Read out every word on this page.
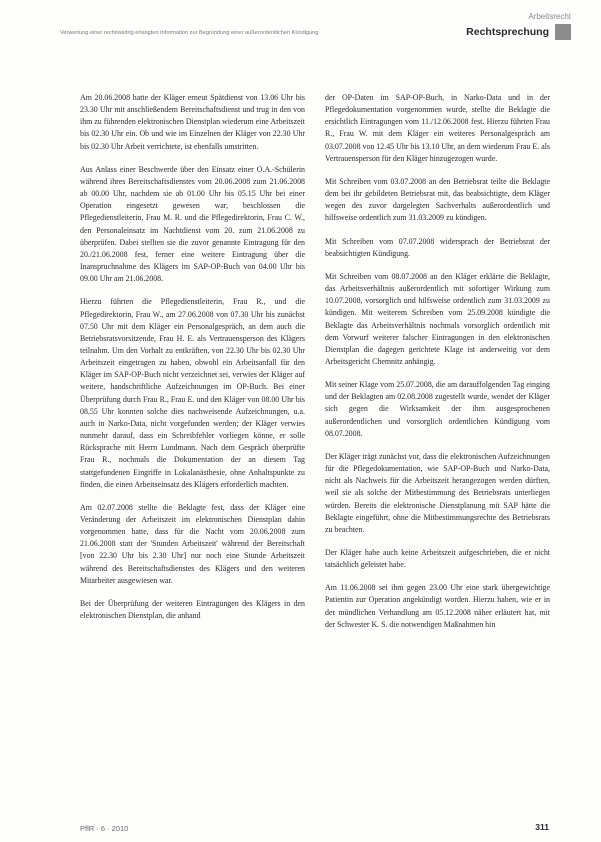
Arbeitsrecht
Verwertung einer rechtswidrig erlangten Information zur Begründung einer außerordentlichen Kündigung	Rechtsprechung

Am 20.06.2008 hatte der Kläger erneut Spätdienst von 13.06 Uhr bis 23.30 Uhr mit anschließendem Bereitschaftsdienst und trug in den von ihm zu führenden elektronischen Dienstplan wiederum eine Arbeitszeit bis 02.30 Uhr ein. Ob und wie im Einzelnen der Kläger von 22.30 Uhr bis 02.30 Uhr Arbeit verrichtete, ist ebenfalls umstritten.

Aus Anlass einer Beschwerde über den Einsatz einer O.A.-Schülerin während ihres Bereitschaftsdienstes vom 20.06.2008 zum 21.06.2008 ab 00.00 Uhr, nachdem sie ab 01.00 Uhr bis 05.15 Uhr bei einer Operation eingesetzt gewesen war, beschlossen die Pflegedienstleiterin, Frau M. R. und die Pflegedirektorin, Frau C. W., den Personaleinsatz im Nachtdienst vom 20. zum 21.06.2008 zu überprüfen. Dabei stellten sie die zuvor genannte Eintragung für den 20./21.06.2008 fest, ferner eine weitere Eintragung über die Inanspruchnahme des Klägers im SAP-OP-Buch von 04.00 Uhr bis 09.00 Uhr am 21.06.2008.

Hierzu führten die Pflegedienstleiterin, Frau R., und die Pflegedirektorin, Frau W., am 27.06.2008 von 07.30 Uhr bis zunächst 07.50 Uhr mit dem Kläger ein Personalgespräch, an dem auch die Betriebsratsvorsitzende, Frau H. E. als Vertrauensperson des Klägers teilnahm. Um den Vorhalt zu entkräften, von 22.30 Uhr bis 02.30 Uhr Arbeitszeit eingetragen zu haben, obwohl ein Arbeitsanfall für den Kläger im SAP-OP-Buch nicht verzeichnet sei, verwies der Kläger auf weitere, handschriftliche Aufzeichnungen im OP-Buch. Bei einer Überprüfung durch Frau R., Frau E. und den Kläger von 08.00 Uhr bis 08.55 Uhr konnten solche dies nachweisende Aufzeichnungen, u.a. auch in Narko-Data, nicht vorgefunden werden; der Kläger verwies nunmehr darauf, dass ein Schreibfehler vorliegen könne, er solle Rücksprache mit Herrn Lundmann. Nach dem Gespräch überprüfte Frau R., nochmals die Dokumentation der an diesem Tag stattgefundenen Eingriffe in Lokalanästhesie, ohne Anhaltspunkte zu finden, die einen Arbeitseinsatz des Klägers erforderlich machten.

Am 02.07.2008 stellte die Beklagte fest, dass der Kläger eine Veränderung der Arbeitszeit im elektronischen Dienstplan dahin vorgenommen hatte, dass für die Nacht vom 20.06.2008 zum 21.06.2008 statt der 'Stunden Arbeitszeit' während der Bereitschaft [von 22.30 Uhr bis 2.30 Uhr] nur noch eine Stunde Arbeitszeit während des Bereitschaftsdienstes des Klägers und den weiteren Mitarbeiter ausgewiesen war.

Bei der Überprüfung der weiteren Eintragungen des Klägers in den elektronischen Dienstplan, die anhand

der OP-Daten im SAP-OP-Buch, in Narko-Data und in der Pflegedokumentation vorgenommen wurde, stellte die Beklagte die ersichtlich Eintragungen vom 11./12.06.2008 fest. Hierzu führten Frau R., Frau W. mit dem Kläger ein weiteres Personalgespräch am 03.07.2008 von 12.45 Uhr bis 13.10 Uhr, an dem wiederum Frau E. als Vertrauensperson für den Kläger hinzugezogen wurde.

Mit Schreiben vom 03.07.2008 an den Betriebsrat teilte die Beklagte dem bei ihr gebildeten Betriebsrat mit, das beabsichtigte, dem Kläger wegen des zuvor dargelegten Sachverhalts außerordentlich und hilfsweise ordentlich zum 31.03.2009 zu kündigen.

Mit Schreiben vom 07.07.2008 widersprach der Betriebsrat der beabsichtigten Kündigung.

Mit Schreiben vom 08.07.2008 an den Kläger erklärte die Beklagte, das Arbeitsverhältnis außerordentlich mit sofortiger Wirkung zum 10.07.2008, vorsorglich und hilfsweise ordentlich zum 31.03.2009 zu kündigen. Mit weiterem Schreiben vom 25.09.2008 kündigte die Beklagte das Arbeitsverhältnis nochmals vorsorglich ordentlich mit dem Vorwurf weiterer falscher Eintragungen in den elektronischen Dienstplan die dagegen gerichtete Klage ist anderweitig vor dem Arbeitsgericht Chemnitz anhängig.

Mit seiner Klage vom 25.07.2008, die am darauffolgenden Tag einging und der Beklagten am 02.08.2008 zugestellt wurde, wendet der Kläger sich gegen die Wirksamkeit der ihm ausgesprochenen außerordentlichen und vorsorglich ordentlichen Kündigung vom 08.07.2008.

Der Kläger trägt zunächst vor, dass die elektronischen Aufzeichnungen für die Pflegedokumentation, wie SAP-OP-Buch und Narko-Data, nicht als Nachweis für die Arbeitszeit herangezogen werden dürften, weil sie als solche der Mitbestimmung des Betriebsrats unterliegen würden. Bereits die elektronische Dienstplanung mit SAP hätte die Beklagte eingeführt, ohne die Mitbestimmungsrechte des Betriebsrats zu beachten.

Der Kläger habe auch keine Arbeitszeit aufgeschrieben, die er nicht tatsächlich geleistet habe.

Am 11.06.2008 sei ihm gegen 23.00 Uhr eine stark übergewichtige Patientin zur Operation angekündigt worden. Hierzu haben, wie er in der mündlichen Verhandlung am 05.12.2008 näher erläutert hat, mit der Schwester K. S. die notwendigen Maßnahmen hin

PflR · 6 · 2010	311
